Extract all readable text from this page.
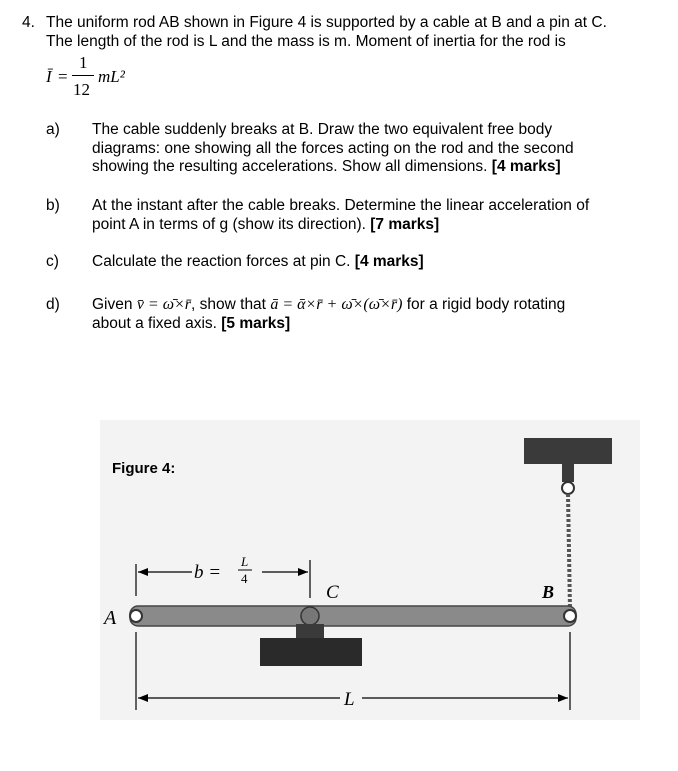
4. The uniform rod AB shown in Figure 4 is supported by a cable at B and a pin at C.
The length of the rod is L and the mass is m. Moment of inertia for the rod is
Ī =
1
12
mL²
a) The cable suddenly breaks at B. Draw the two equivalent free body
diagrams: one showing all the forces acting on the rod and the second
showing the resulting accelerations. Show all dimensions. [4 marks]
b) At the instant after the cable breaks. Determine the linear acceleration of
point A in terms of g (show its direction). [7 marks]
c) Calculate the reaction forces at pin C. [4 marks]
d) Given v̄ = ω̄×r̄, show that ā = ᾱ×r̄ + ω̄×(ω̄×r̄) for a rigid body rotating
about a fixed axis. [5 marks]
Figure 4:
b =
L
4
A
B
C
L
